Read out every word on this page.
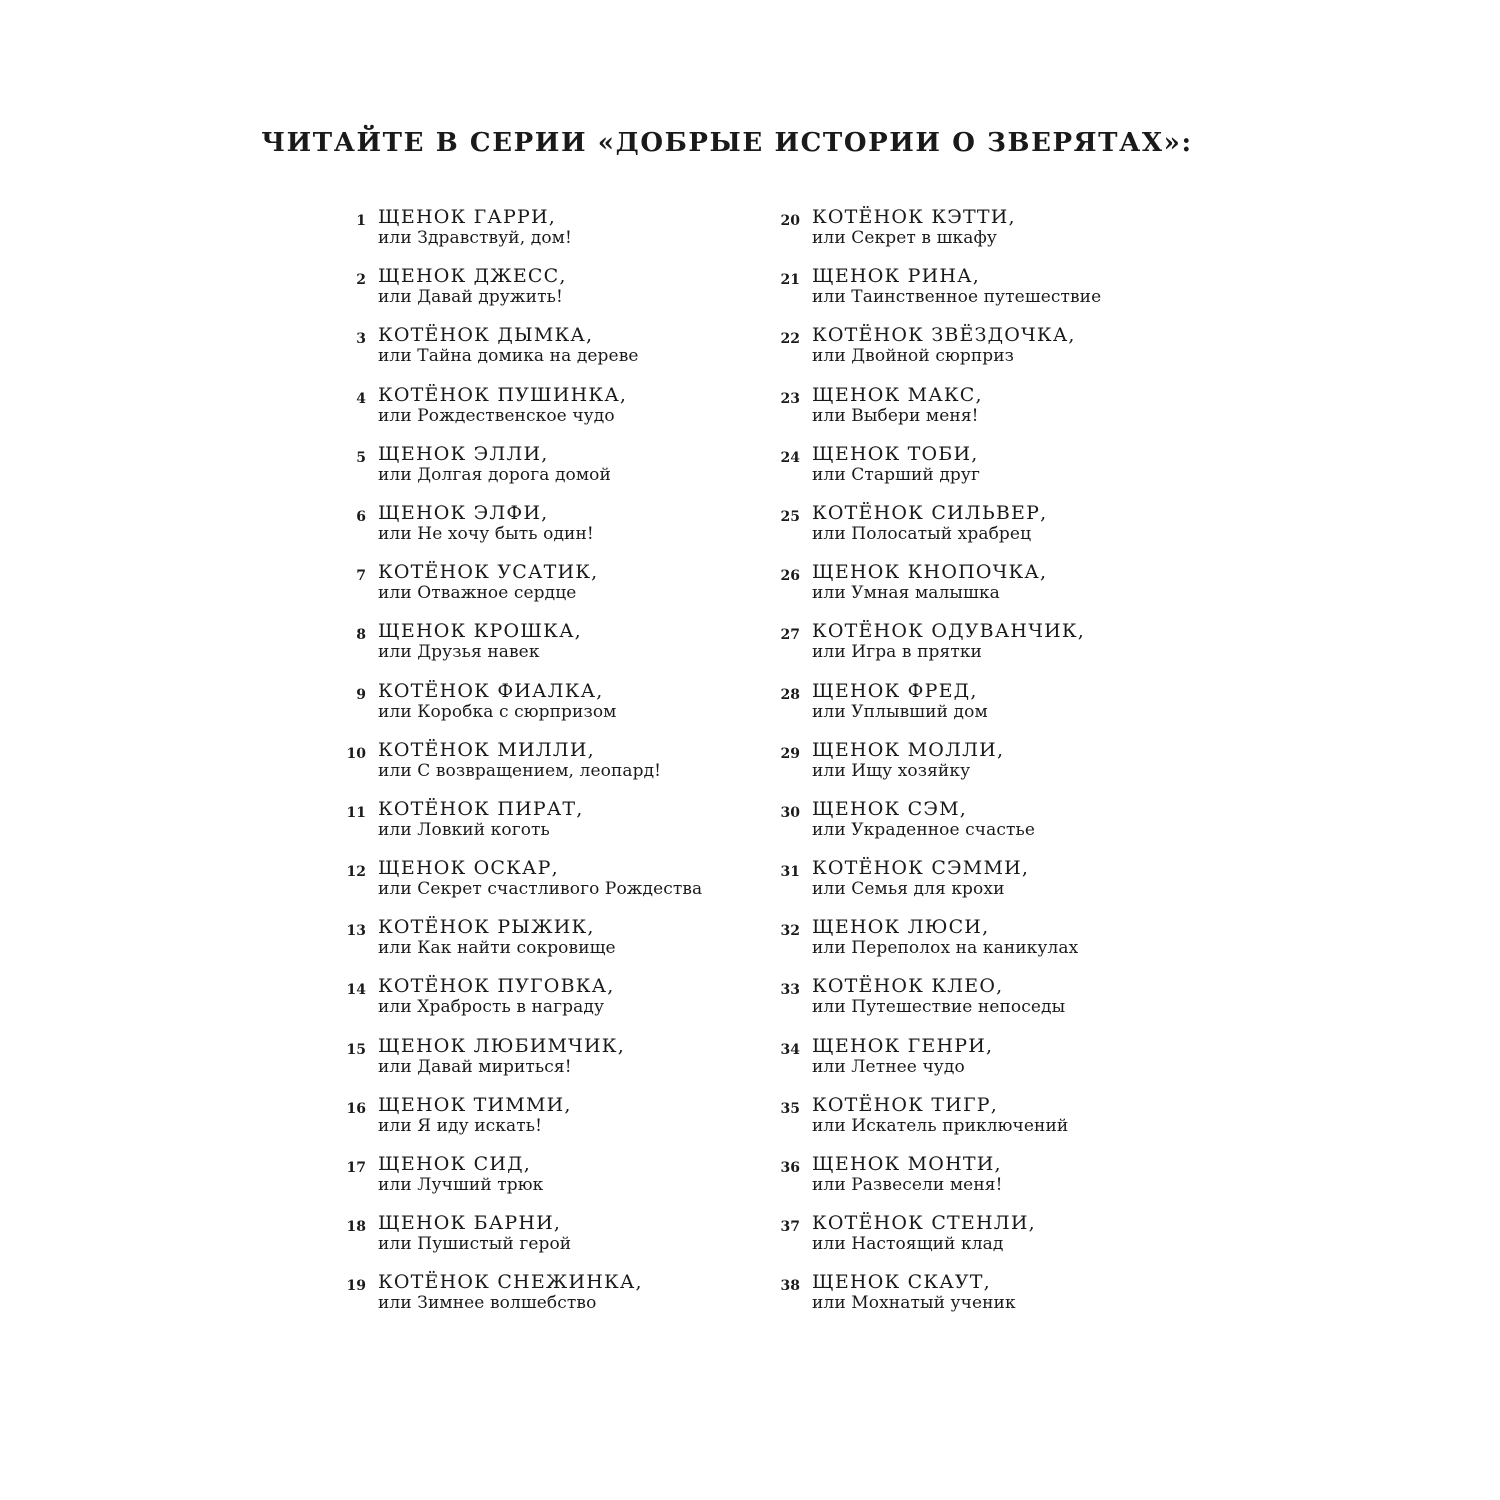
ЧИТАЙТЕ В СЕРИИ «ДОБРЫЕ ИСТОРИИ О ЗВЕРЯТАХ»:
1 ЩЕНОК ГАРРИ,
или Здравствуй, дом!
2 ЩЕНОК ДЖЕСС,
или Давай дружить!
3 КОТЁНОК ДЫМКА,
или Тайна домика на дереве
4 КОТЁНОК ПУШИНКА,
или Рождественское чудо
5 ЩЕНОК ЭЛЛИ,
или Долгая дорога домой
6 ЩЕНОК ЭЛФИ,
или Не хочу быть один!
7 КОТЁНОК УСАТИК,
или Отважное сердце
8 ЩЕНОК КРОШКА,
или Друзья навек
9 КОТЁНОК ФИАЛКА,
или Коробка с сюрпризом
10 КОТЁНОК МИЛЛИ,
или С возвращением, леопард!
11 КОТЁНОК ПИРАТ,
или Ловкий коготь
12 ЩЕНОК ОСКАР,
или Секрет счастливого Рождества
13 КОТЁНОК РЫЖИК,
или Как найти сокровище
14 КОТЁНОК ПУГОВКА,
или Храбрость в награду
15 ЩЕНОК ЛЮБИМЧИК,
или Давай мириться!
16 ЩЕНОК ТИММИ,
или Я иду искать!
17 ЩЕНОК СИД,
или Лучший трюк
18 ЩЕНОК БАРНИ,
или Пушистый герой
19 КОТЁНОК СНЕЖИНКА,
или Зимнее волшебство
20 КОТЁНОК КЭТТИ,
или Секрет в шкафу
21 ЩЕНОК РИНА,
или Таинственное путешествие
22 КОТЁНОК ЗВЁЗДОЧКА,
или Двойной сюрприз
23 ЩЕНОК МАКС,
или Выбери меня!
24 ЩЕНОК ТОБИ,
или Старший друг
25 КОТЁНОК СИЛЬВЕР,
или Полосатый храбрец
26 ЩЕНОК КНОПОЧКА,
или Умная малышка
27 КОТЁНОК ОДУВАНЧИК,
или Игра в прятки
28 ЩЕНОК ФРЕД,
или Уплывший дом
29 ЩЕНОК МОЛЛИ,
или Ищу хозяйку
30 ЩЕНОК СЭМ,
или Украденное счастье
31 КОТЁНОК СЭММИ,
или Семья для крохи
32 ЩЕНОК ЛЮСИ,
или Переполох на каникулах
33 КОТЁНОК КЛЕО,
или Путешествие непоседы
34 ЩЕНОК ГЕНРИ,
или Летнее чудо
35 КОТЁНОК ТИГР,
или Искатель приключений
36 ЩЕНОК МОНТИ,
или Развесели меня!
37 КОТЁНОК СТЕНЛИ,
или Настоящий клад
38 ЩЕНОК СКАУТ,
или Мохнатый ученик
